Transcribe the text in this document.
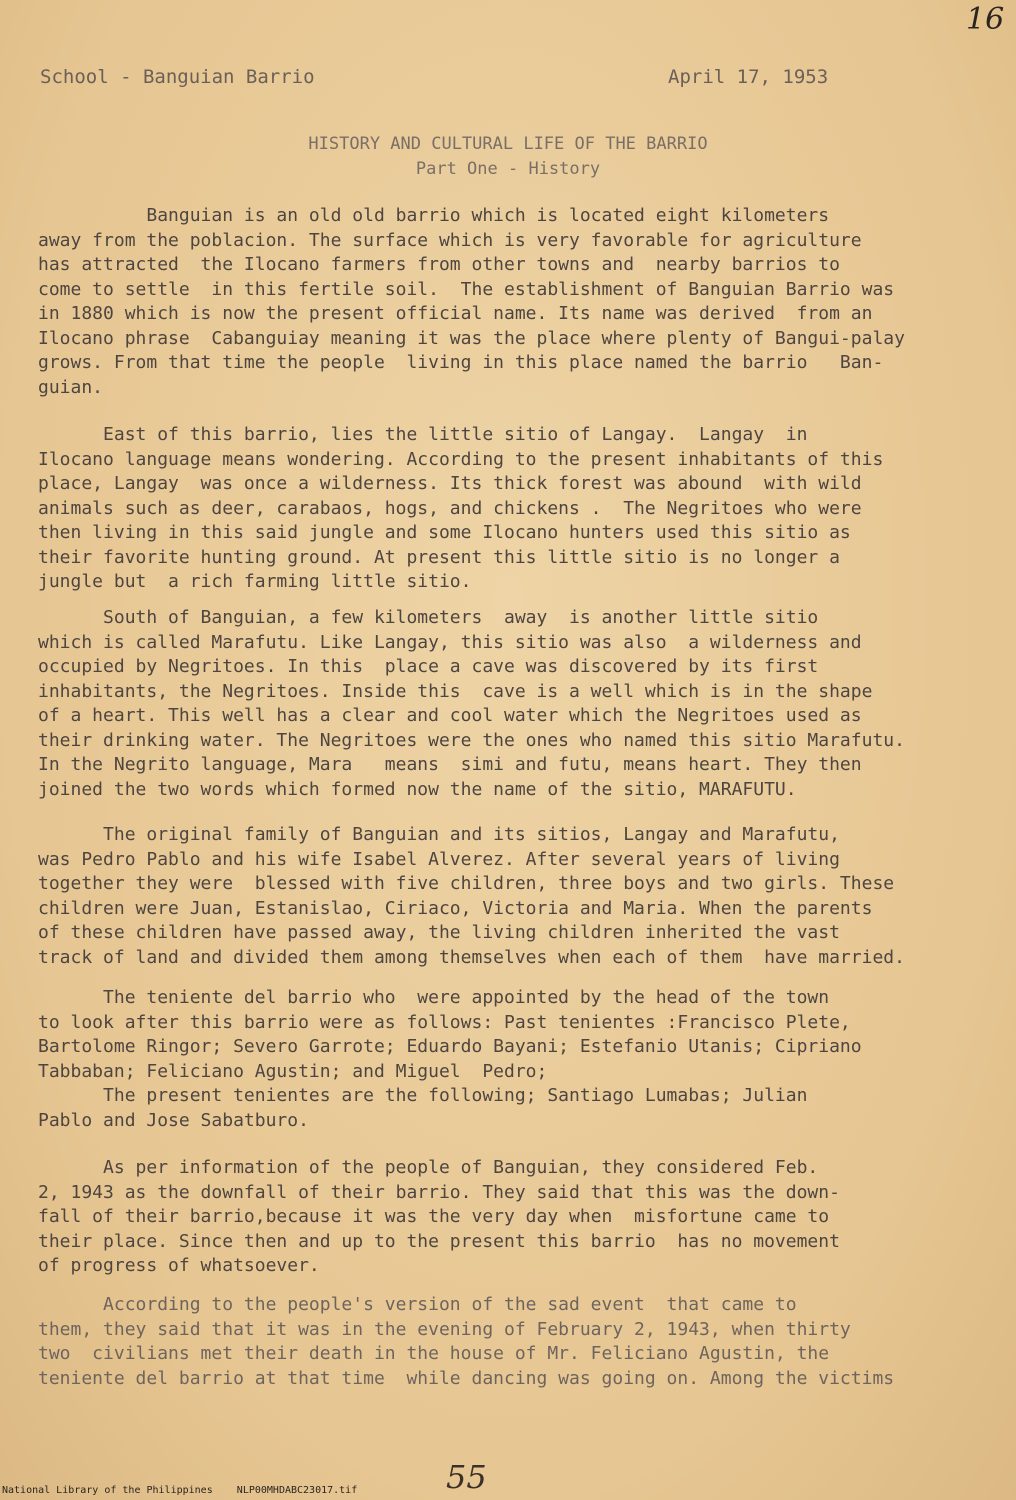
16
School - Banguian Barrio	April 17, 1953
HISTORY AND CULTURAL LIFE OF THE BARRIO
Part One - History
Banguian is an old old barrio which is located eight kilometers
away from the poblacion. The surface which is very favorable for agriculture
has attracted  the Ilocano farmers from other towns and  nearby barrios to
come to settle  in this fertile soil.  The establishment of Banguian Barrio was
in 1880 which is now the present official name. Its name was derived  from an
Ilocano phrase  Cabanguiay meaning it was the place where plenty of Bangui-palay
grows. From that time the people  living in this place named the barrio   Ban-
guian.
East of this barrio, lies the little sitio of Langay.  Langay  in
Ilocano language means wondering. According to the present inhabitants of this
place, Langay  was once a wilderness. Its thick forest was abound  with wild
animals such as deer, carabaos, hogs, and chickens .  The Negritoes who were
then living in this said jungle and some Ilocano hunters used this sitio as
their favorite hunting ground. At present this little sitio is no longer a
jungle but  a rich farming little sitio.
South of Banguian, a few kilometers  away  is another little sitio
which is called Marafutu. Like Langay, this sitio was also  a wilderness and
occupied by Negritoes. In this  place a cave was discovered by its first
inhabitants, the Negritoes. Inside this  cave is a well which is in the shape
of a heart. This well has a clear and cool water which the Negritoes used as
their drinking water. The Negritoes were the ones who named this sitio Marafutu.
In the Negrito language, Mara   means  simi and futu, means heart. They then
joined the two words which formed now the name of the sitio, MARAFUTU.
The original family of Banguian and its sitios, Langay and Marafutu,
was Pedro Pablo and his wife Isabel Alverez. After several years of living
together they were  blessed with five children, three boys and two girls. These
children were Juan, Estanislao, Ciriaco, Victoria and Maria. When the parents
of these children have passed away, the living children inherited the vast
track of land and divided them among themselves when each of them  have married.
The teniente del barrio who  were appointed by the head of the town
to look after this barrio were as follows: Past tenientes :Francisco Plete,
Bartolome Ringor; Severo Garrote; Eduardo Bayani; Estefanio Utanis; Cipriano
Tabbaban; Feliciano Agustin; and Miguel  Pedro;
The present tenientes are the following; Santiago Lumabas; Julian
Pablo and Jose Sabatburo.
As per information of the people of Banguian, they considered Feb.
2, 1943 as the downfall of their barrio. They said that this was the down-
fall of their barrio,because it was the very day when  misfortune came to
their place. Since then and up to the present this barrio  has no movement
of progress of whatsoever.
According to the people's version of the sad event  that came to
them, they said that it was in the evening of February 2, 1943, when thirty
two  civilians met their death in the house of Mr. Feliciano Agustin, the
teniente del barrio at that time  while dancing was going on. Among the victims
55
National Library of the Philippines    NLP00MHDABC23017.tif
